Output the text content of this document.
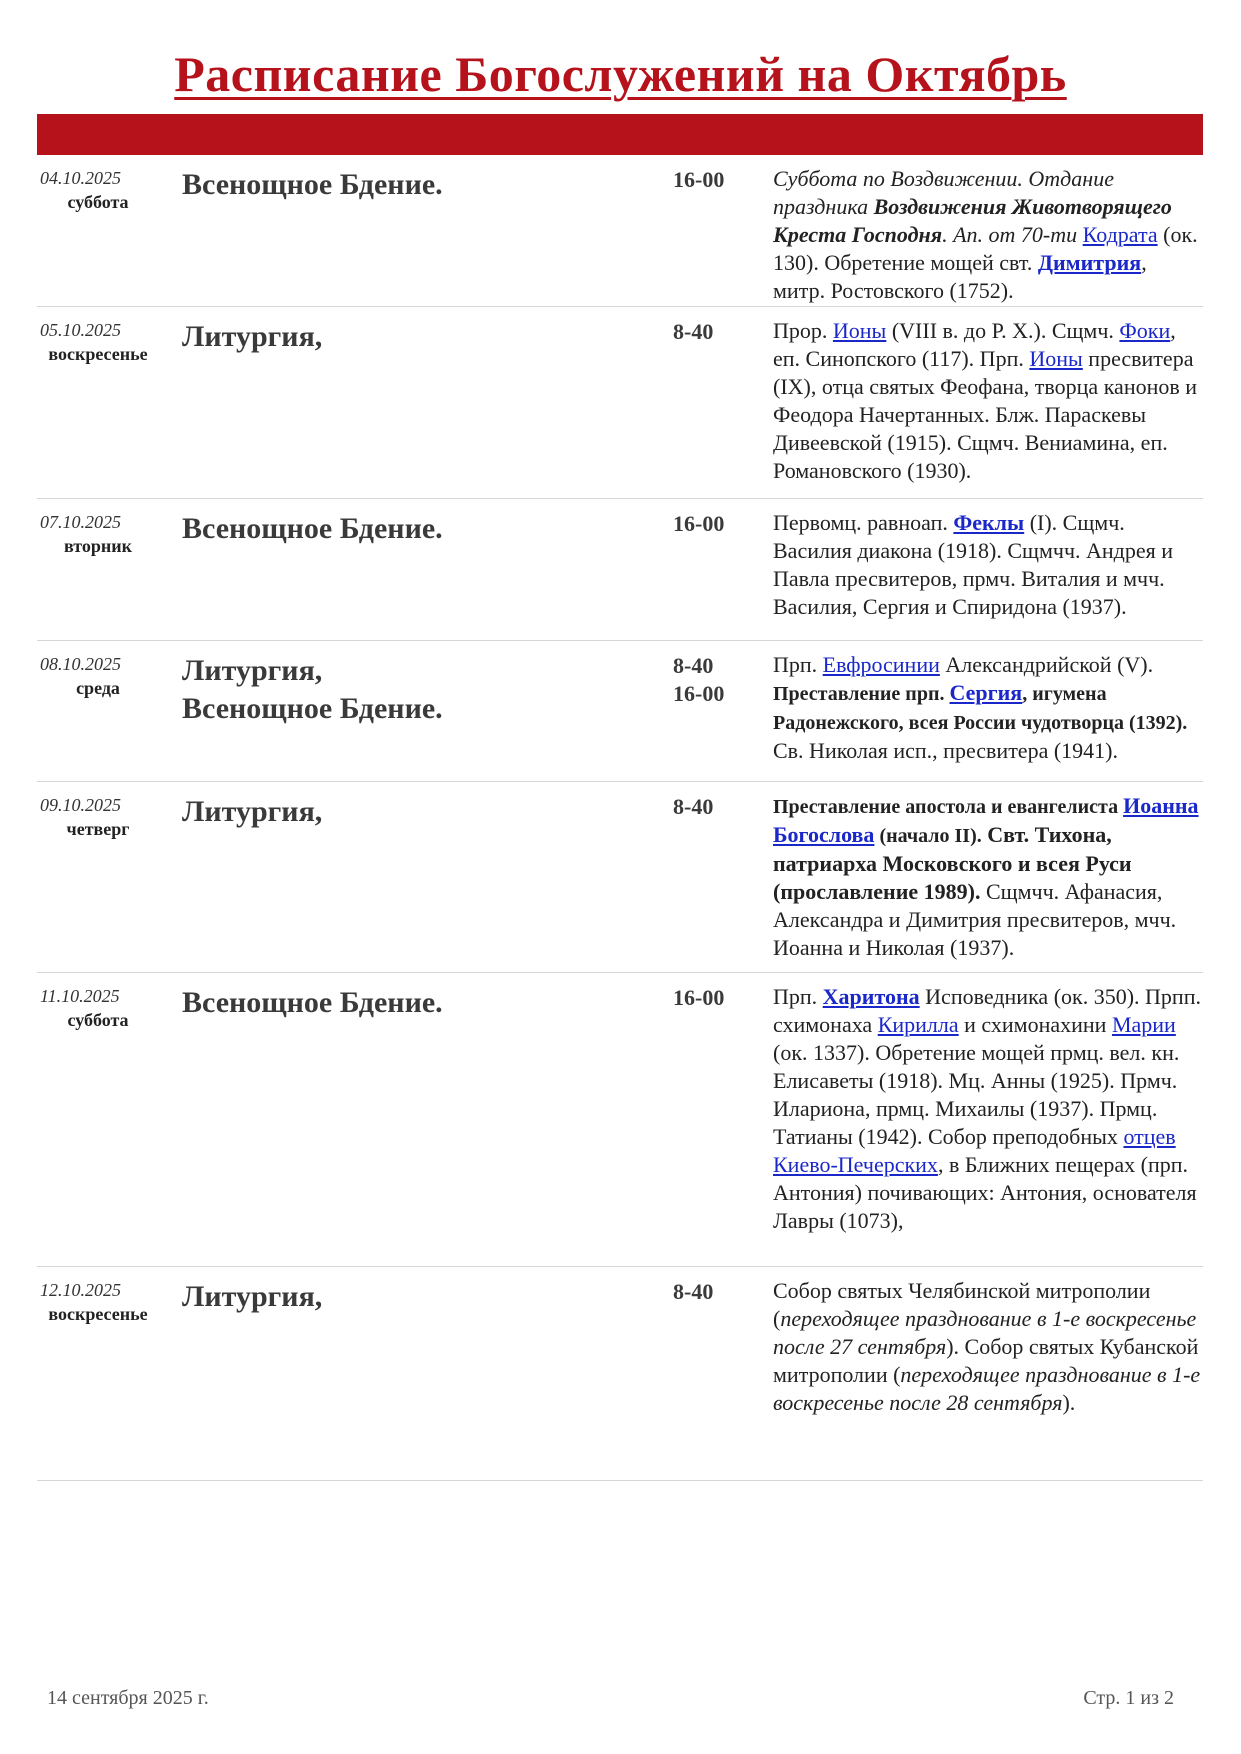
Расписание Богослужений на Октябрь
04.10.2025
суббота
Всенощное Бдение.	16-00 Суббота по Воздвижении. Отдание праздника Воздвижения Животворящего Креста Господня. Ап. от 70-ти Кодрата (ок. 130). Обретение мощей свт. Димитрия, митр. Ростовского (1752).
05.10.2025
воскресенье
Литургия,	8-40	Прор. Ионы (VIII в. до Р. Х.). Сщмч. Фоки, еп. Синопского (117). Прп. Ионы пресвитера (IX), отца святых Феофана, творца канонов и Феодора Начертанных. Блж. Параскевы Дивеевской (1915). Сщмч. Вениамина, еп. Романовского (1930).
07.10.2025
вторник
Всенощное Бдение.	16-00 Первомц. равноап. Феклы (I). Сщмч. Василия диакона (1918). Сщмчч. Андрея и Павла пресвитеров, прмч. Виталия и мчч. Василия, Сергия и Спиридона (1937).
08.10.2025
среда
Литургия,
Всенощное Бдение.
8-40
16-00
Прп. Евфросинии Александрийской (V). Преставление прп. Сергия, игумена Радонежского, всея России чудотворца (1392). Св. Николая исп., пресвитера (1941).
09.10.2025
четверг
Литургия,	8-40	Преставление апостола и евангелиста Иоанна Богослова (начало II). Свт. Тихона, патриарха Московского и всея Руси (прославление 1989). Сщмчч. Афанасия, Александра и Димитрия пресвитеров, мчч. Иоанна и Николая (1937).
11.10.2025
суббота
Всенощное Бдение.	16-00 Прп. Харитона Исповедника (ок. 350). Прпп. схимонаха Кирилла и схимонахини Марии (ок. 1337). Обретение мощей прмц. вел. кн. Елисаветы (1918). Мц. Анны (1925). Прмч. Илариона, прмц. Михаилы (1937). Прмц. Татианы (1942). Собор преподобных отцев Киево-Печерских, в Ближних пещерах (прп. Антония) почивающих: Антония, основателя Лавры (1073),
12.10.2025
воскресенье
Литургия,	8-40	Собор святых Челябинской митрополии (переходящее празднование в 1-е воскресенье после 27 сентября). Собор святых Кубанской митрополии (переходящее празднование в 1-е воскресенье после 28 сентября).
14 сентября 2025 г.	Стр. 1 из 2
